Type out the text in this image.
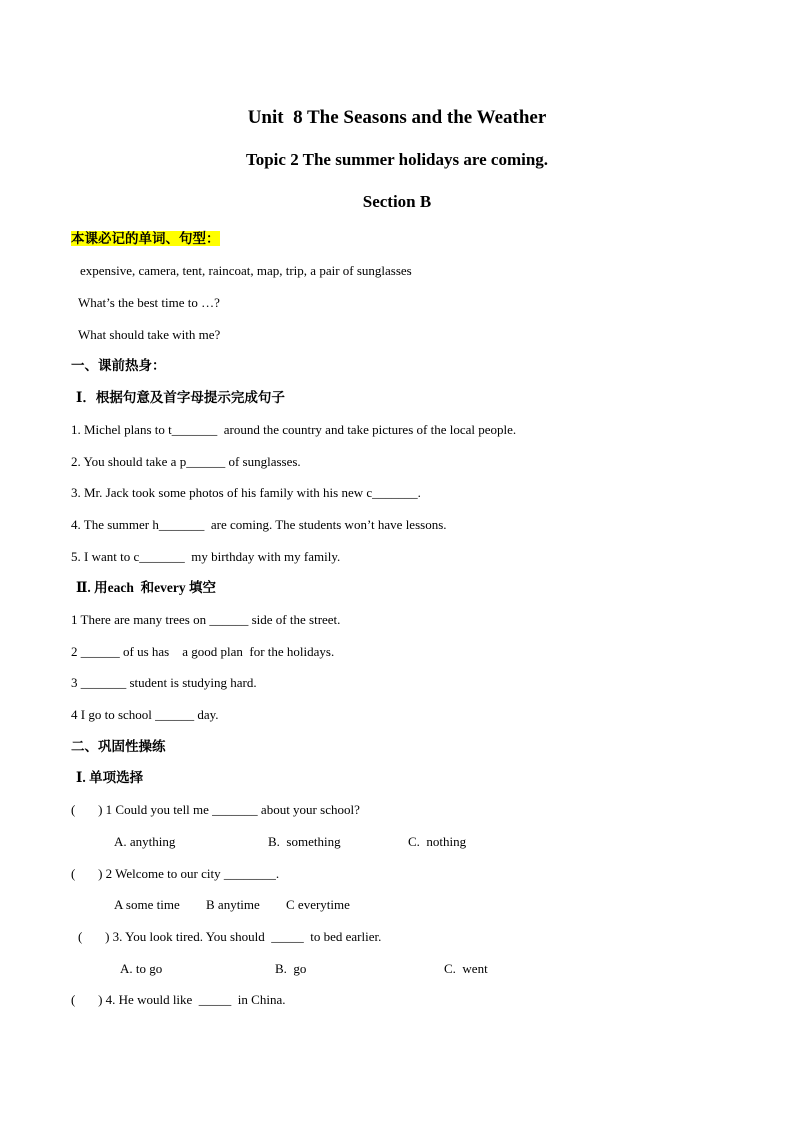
Unit  8 The Seasons and the Weather
Topic 2 The summer holidays are coming.
Section B
本课必记的单词、句型：
expensive, camera, tent, raincoat, map, trip, a pair of sunglasses
What’s the best time to …?
What should take with me?
一、课前热身：
Ⅰ．根据句意及首字母提示完成句子
1. Michel plans to t_______  around the country and take pictures of the local people.
2. You should take a p______ of sunglasses.
3. Mr. Jack took some photos of his family with his new c_______.
4. The summer h_______  are coming. The students won’t have lessons.
5. I want to c_______  my birthday with my family.
Ⅱ. 用each  和every 填空
1 There are many trees on ______ side of the street.
2 ______ of us has    a good plan  for the holidays.
3 _______ student is studying hard.
4 I go to school ______ day.
二、巩固性操练
Ⅰ. 单项选择
(       ) 1 Could you tell me _______ about your school?
A. anything	B.  something	C.  nothing
(       ) 2 Welcome to our city ________.
A some time B anytime C everytime
(       ) 3. You look tired. You should  _____  to bed earlier.
A. to go	B.  go	C.  went
(       ) 4. He would like  _____  in China.
